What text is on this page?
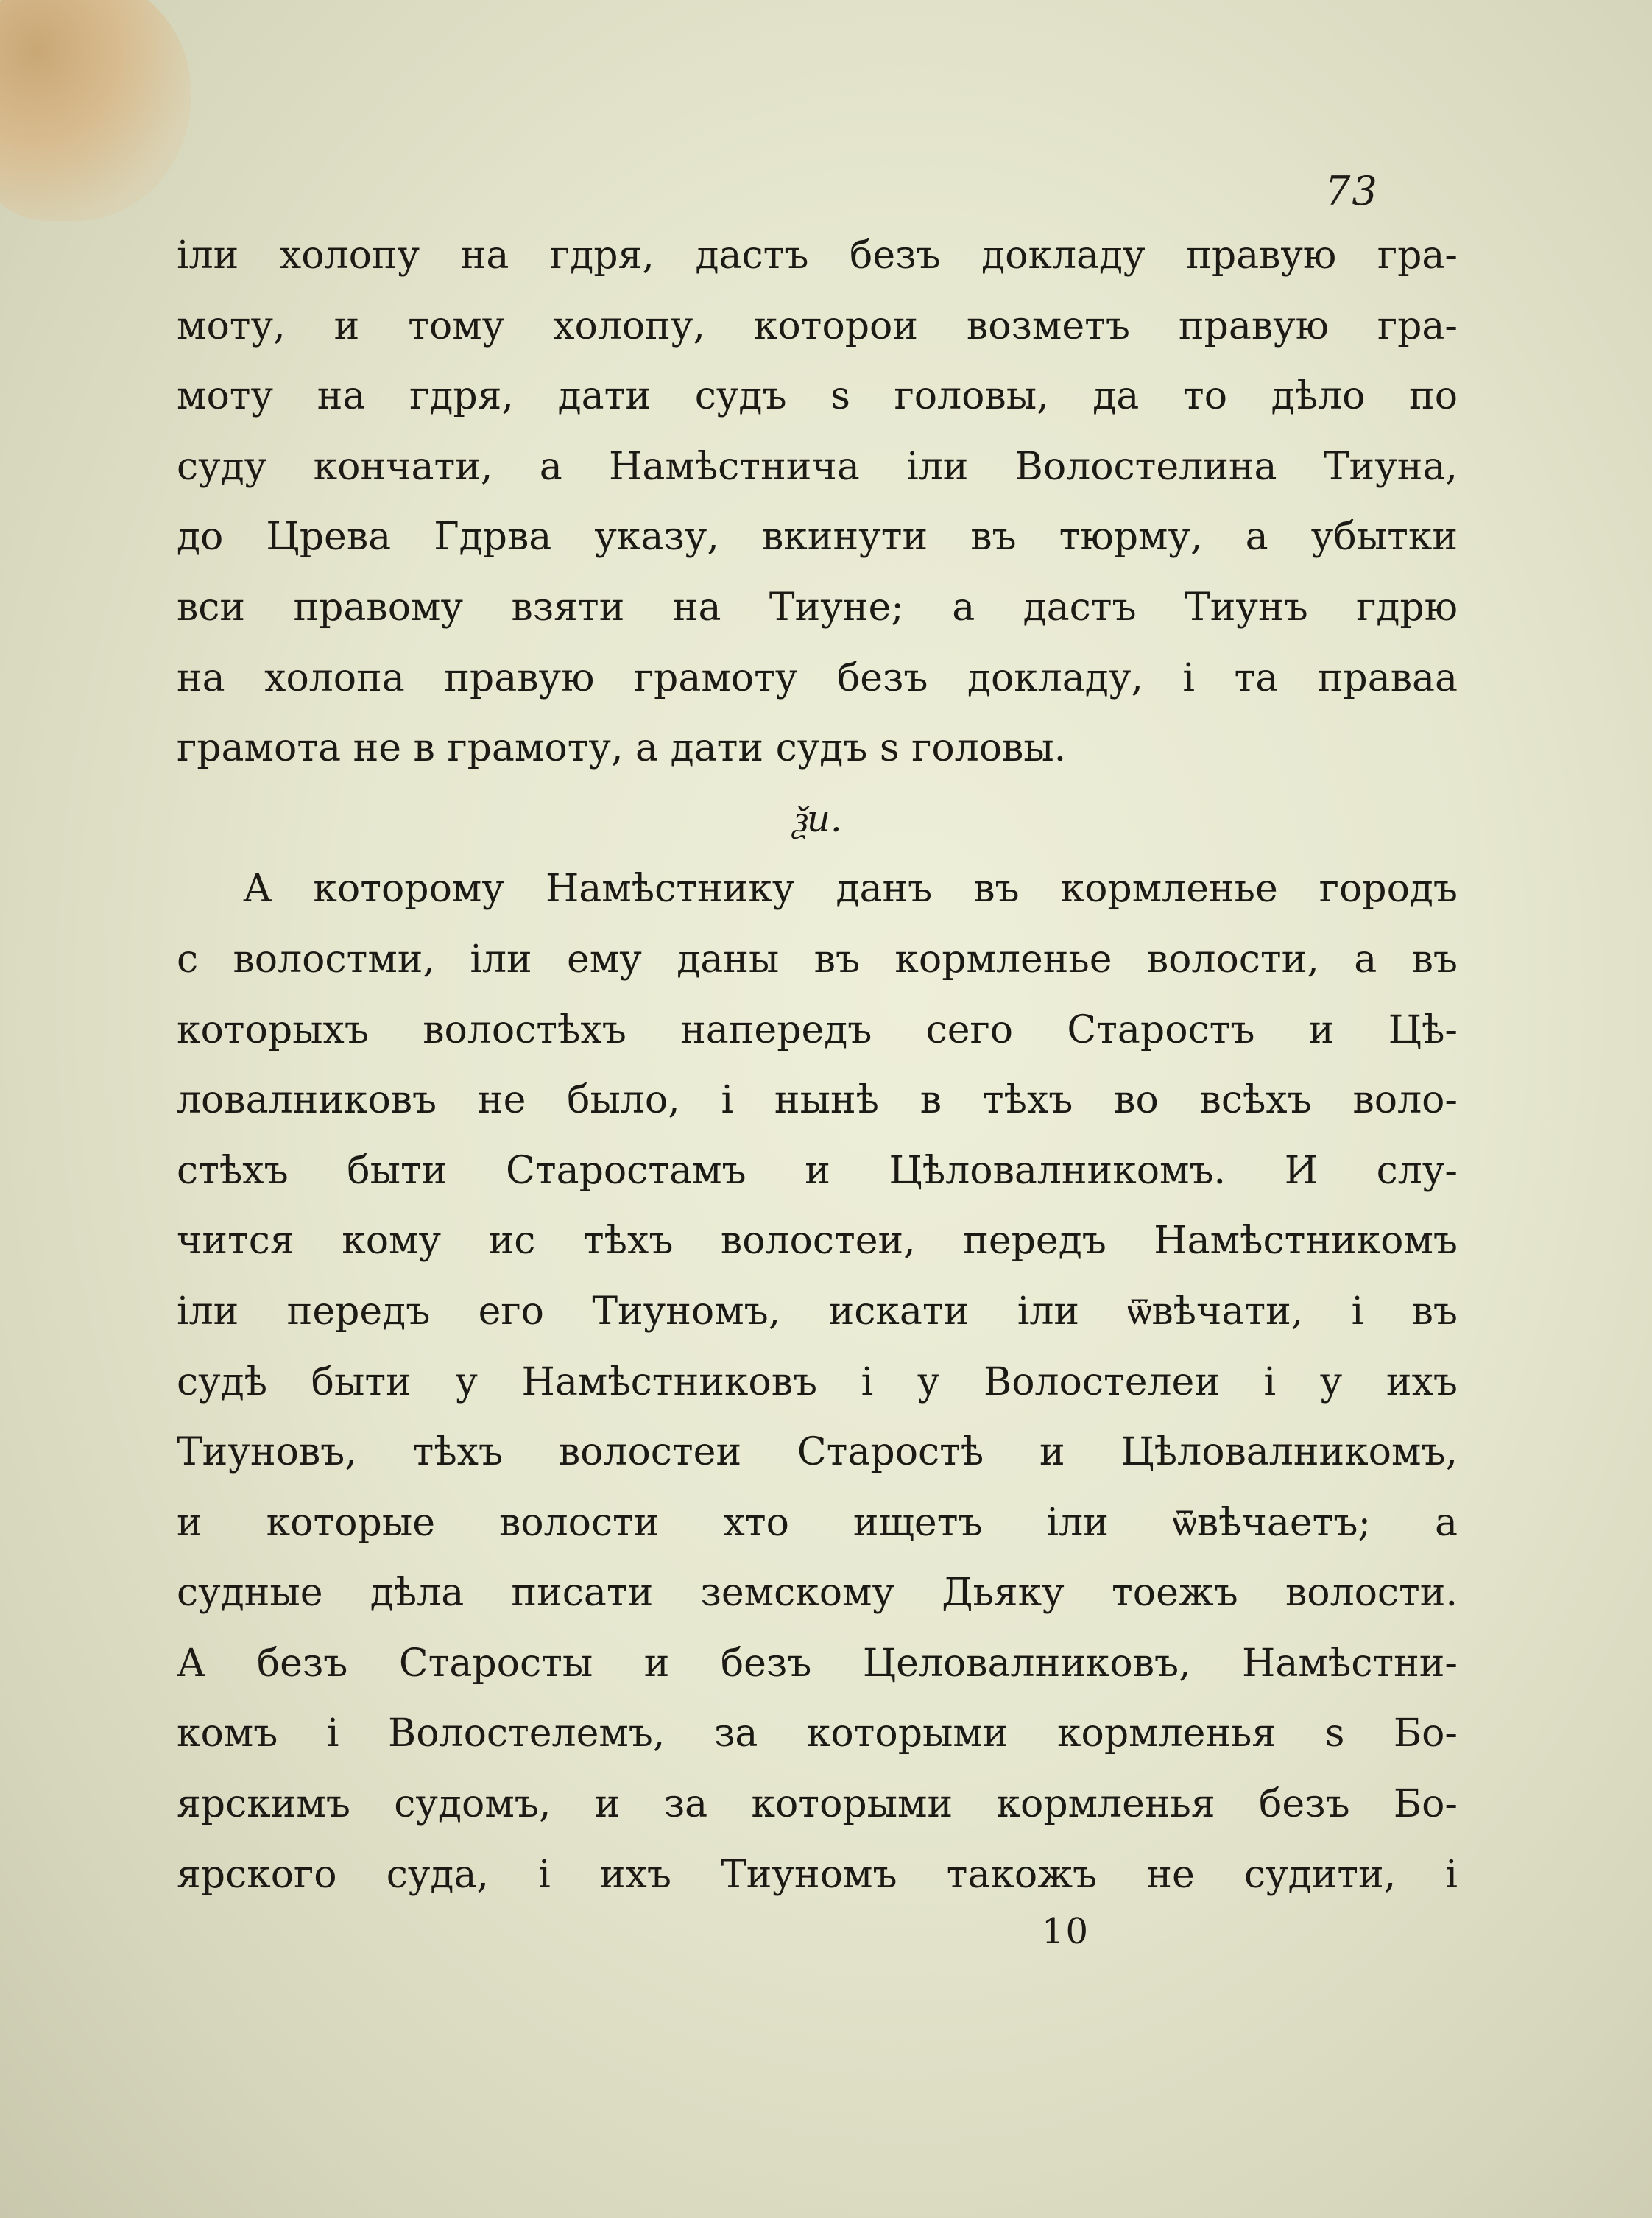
73
іли холопу на гдря, дастъ безъ докладу правую гра-
моту, и тому холопу, которои возметъ правую гра-
моту на гдря, дати судъ s головы, да то дѣло по
суду кончати, а Намѣстнича іли Волостелина Тиуна,
до Црева Гдрва указу, вкинути въ тюрму, а убытки
вси правому взяти на Тиуне; а дастъ Тиунъ гдрю
на холопа правую грамоту безъ докладу, і та праваа
грамота не в грамоту, а дати судъ s головы.
ѯи.
А которому Намѣстнику данъ въ кормленье городъ
с волостми, іли ему даны въ кормленье волости, а въ
которыхъ волостѣхъ напередъ сего Старостъ и Цѣ-
ловалниковъ не было, і нынѣ в тѣхъ во всѣхъ воло-
стѣхъ быти Старостамъ и Цѣловалникомъ. И слу-
чится кому ис тѣхъ волостеи, передъ Намѣстникомъ
іли передъ его Тиуномъ, искати іли ѿвѣчати, і въ
судѣ быти у Намѣстниковъ і у Волостелеи і у ихъ
Тиуновъ, тѣхъ волостеи Старостѣ и Цѣловалникомъ,
и которые волости хто ищетъ іли ѿвѣчаетъ; а
судные дѣла писати земскому Дьяку тоежъ волости.
А безъ Старосты и безъ Целовалниковъ, Намѣстни-
комъ і Волостелемъ, зa которыми кормленья s Бо-
ярскимъ судомъ, и зa которыми кормленья безъ Бо-
ярского суда, і ихъ Тиуномъ такожъ не судити, і
10
